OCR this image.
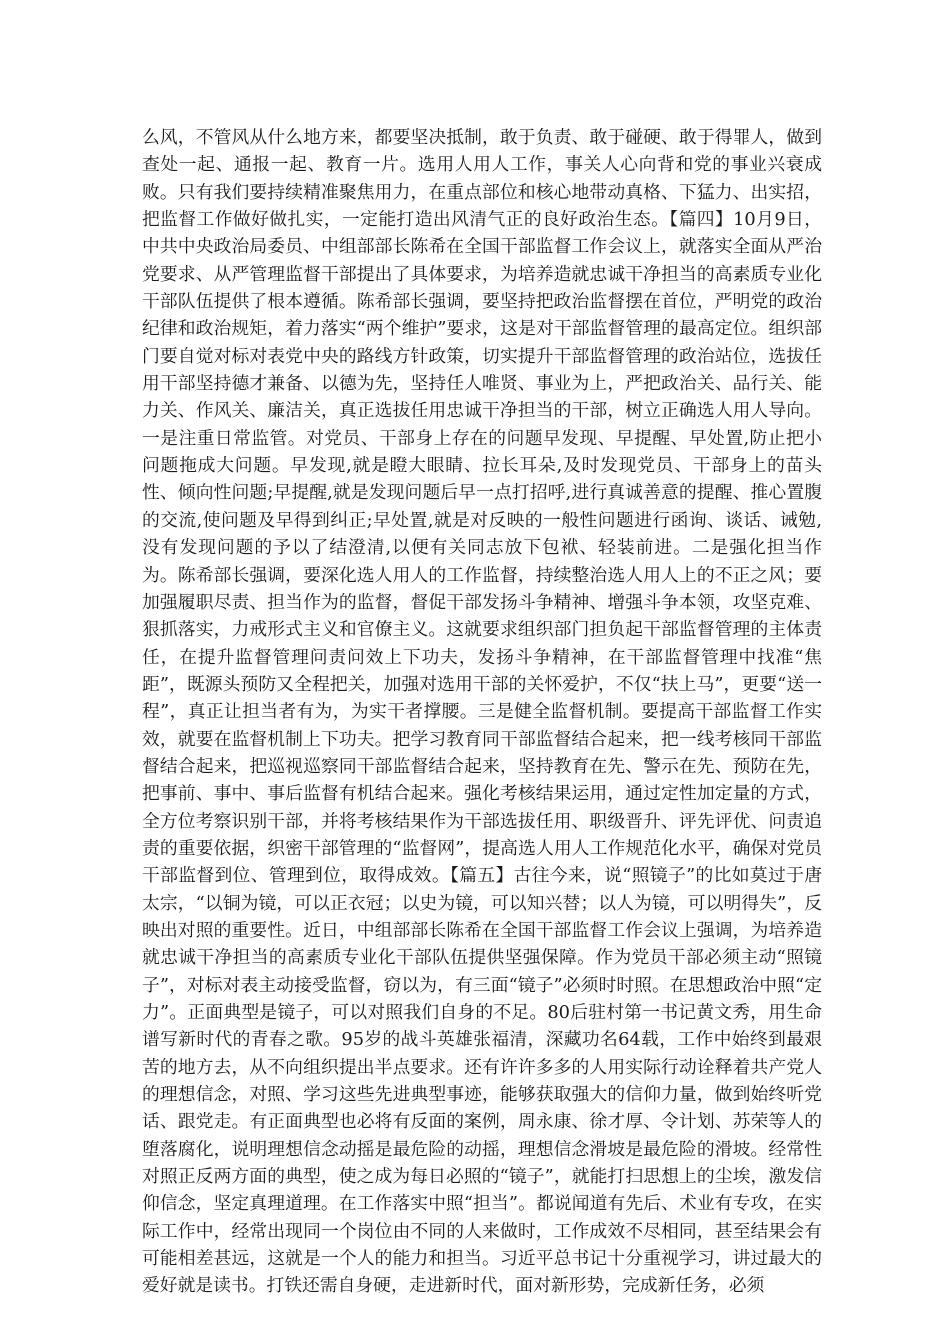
么风，不管风从什么地方来，都要坚决抵制，敢于负责、敢于碰硬、敢于得罪人，做到查处一起、通报一起、教育一片。选用人用人工作，事关人心向背和党的事业兴衰成败。只有我们要持续精准聚焦用力，在重点部位和核心地带动真格、下猛力、出实招，把监督工作做好做扎实，一定能打造出风清气正的良好政治生态。【篇四】10月9日，中共中央政治局委员、中组部部长陈希在全国干部监督工作会议上，就落实全面从严治党要求、从严管理监督干部提出了具体要求，为培养造就忠诚干净担当的高素质专业化干部队伍提供了根本遵循。陈希部长强调，要坚持把政治监督摆在首位，严明党的政治纪律和政治规矩，着力落实“两个维护”要求，这是对干部监督管理的最高定位。组织部门要自觉对标对表党中央的路线方针政策，切实提升干部监督管理的政治站位，选拔任用干部坚持德才兼备、以德为先，坚持任人唯贤、事业为上，严把政治关、品行关、能力关、作风关、廉洁关，真正选拔任用忠诚干净担当的干部，树立正确选人用人导向。一是注重日常监管。对党员、干部身上存在的问题早发现、早提醒、早处置,防止把小问题拖成大问题。早发现,就是瞪大眼睛、拉长耳朵,及时发现党员、干部身上的苗头性、倾向性问题;早提醒,就是发现问题后早一点打招呼,进行真诚善意的提醒、推心置腹的交流,使问题及早得到纠正;早处置,就是对反映的一般性问题进行函询、谈话、诫勉,没有发现问题的予以了结澄清,以便有关同志放下包袱、轻装前进。二是强化担当作为。陈希部长强调，要深化选人用人的工作监督，持续整治选人用人上的不正之风；要加强履职尽责、担当作为的监督，督促干部发扬斗争精神、增强斗争本领，攻坚克难、狠抓落实，力戒形式主义和官僚主义。这就要求组织部门担负起干部监督管理的主体责任，在提升监督管理问责问效上下功夫，发扬斗争精神，在干部监督管理中找准“焦距”，既源头预防又全程把关，加强对选用干部的关怀爱护，不仅“扶上马”，更要“送一程”，真正让担当者有为，为实干者撑腰。三是健全监督机制。要提高干部监督工作实效，就要在监督机制上下功夫。把学习教育同干部监督结合起来，把一线考核同干部监督结合起来，把巡视巡察同干部监督结合起来，坚持教育在先、警示在先、预防在先，把事前、事中、事后监督有机结合起来。强化考核结果运用，通过定性加定量的方式，全方位考察识别干部，并将考核结果作为干部选拔任用、职级晋升、评先评优、问责追责的重要依据，织密干部管理的“监督网”，提高选人用人工作规范化水平，确保对党员干部监督到位、管理到位，取得成效。【篇五】古往今来，说“照镜子”的比如莫过于唐太宗，“以铜为镜，可以正衣冠；以史为镜，可以知兴替；以人为镜，可以明得失”，反映出对照的重要性。近日，中组部部长陈希在全国干部监督工作会议上强调，为培养造就忠诚干净担当的高素质专业化干部队伍提供坚强保障。作为党员干部必须主动“照镜子”，对标对表主动接受监督，窃以为，有三面“镜子”必须时时照。在思想政治中照“定力”。正面典型是镜子，可以对照我们自身的不足。80后驻村第一书记黄文秀，用生命谱写新时代的青春之歌。95岁的战斗英雄张福清，深藏功名64载，工作中始终到最艰苦的地方去，从不向组织提出半点要求。还有许许多多的人用实际行动诠释着共产党人的理想信念，对照、学习这些先进典型事迹，能够获取强大的信仰力量，做到始终听党话、跟党走。有正面典型也必将有反面的案例，周永康、徐才厚、令计划、苏荣等人的堕落腐化，说明理想信念动摇是最危险的动摇，理想信念滑坡是最危险的滑坡。经常性对照正反两方面的典型，使之成为每日必照的“镜子”，就能打扫思想上的尘埃，激发信仰信念，坚定真理道理。在工作落实中照“担当”。都说闻道有先后、术业有专攻，在实际工作中，经常出现同一个岗位由不同的人来做时，工作成效不尽相同，甚至结果会有可能相差甚远，这就是一个人的能力和担当。习近平总书记十分重视学习，讲过最大的爱好就是读书。打铁还需自身硬，走进新时代，面对新形势，完成新任务，必须
